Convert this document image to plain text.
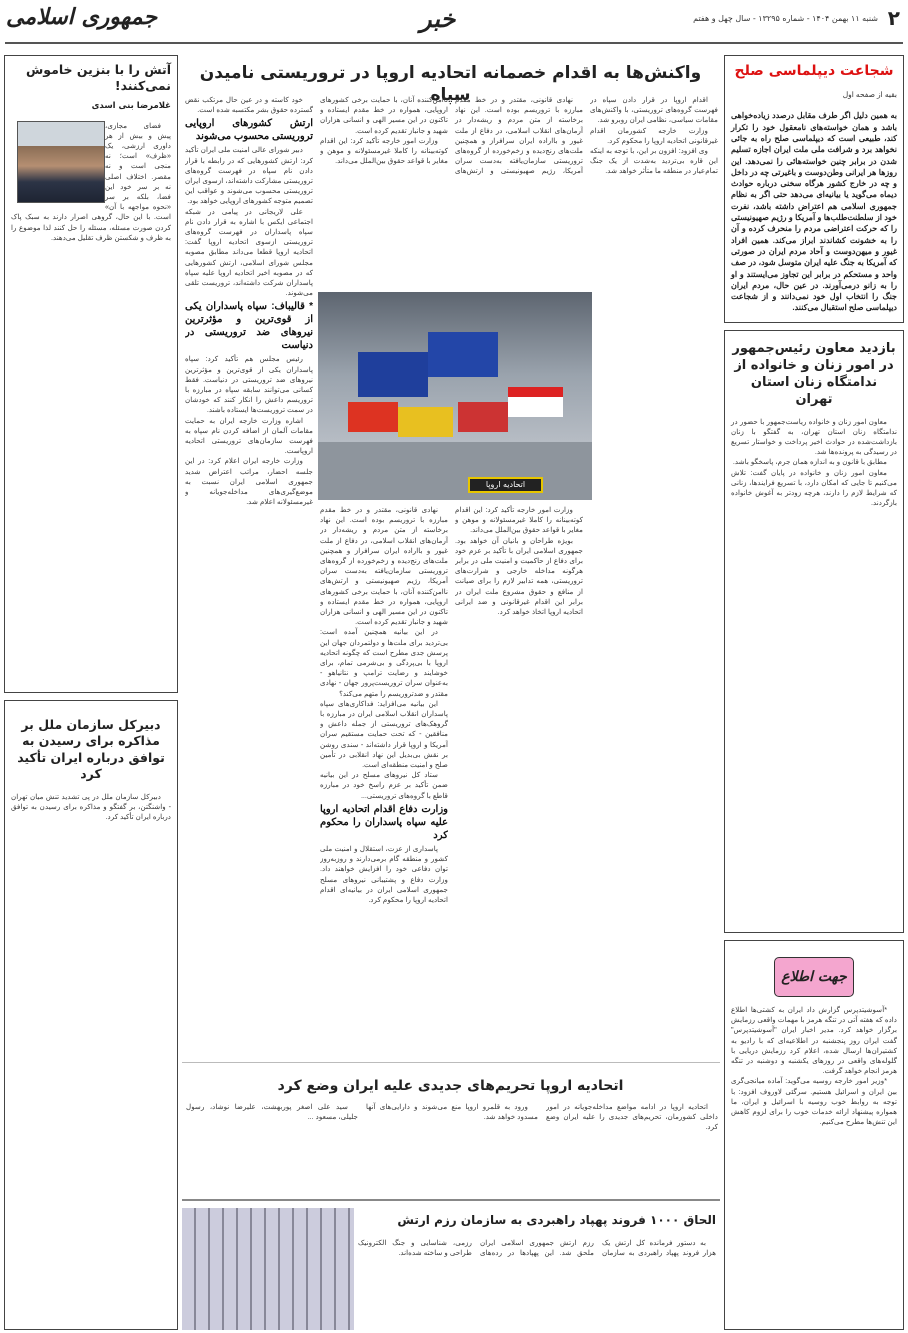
۲
شنبه ۱۱ بهمن ۱۴۰۴ - شماره ۱۳۲۹۵ - سال چهل و هفتم
خبر
جمهوری اسلامی
شجاعت دیپلماسی صلح
بقیه از صفحه اول
به همین دلیل اگر طرف مقابل درصدد زیاده‌خواهی باشد و همان خواسته‌های نامعقول خود را تکرار کند، طبیعی است که دیپلماسی صلح راه به جائی نخواهد برد و شرافت ملی ملت ایران اجازه تسلیم شدن در برابر چنین خواسته‌هائی را نمی‌دهد. این روزها هر ایرانی وطن‌دوست و باغیرتی چه در داخل و چه در خارج کشور هرگاه سخنی درباره حوادث دیماه می‌گوید یا بیانیه‌ای می‌دهد حتی اگر به نظام جمهوری اسلامی هم اعتراض داشته باشد، نفرت خود از سلطنت‌طلب‌ها و آمریکا و رژیم صهیونیستی را که حرکت اعتراضی مردم را منحرف کرده و آن را به خشونت کشاندند ابراز می‌کند. همین افراد غیور و میهن‌دوست و آحاد مردم ایران در صورتی که آمریکا به جنگ علیه ایران متوسل شود، در صف واحد و مستحکم در برابر این تجاوز می‌ایستند و او را به زانو درمی‌آورند. در عین حال، مردم ایران جنگ را انتخاب اول خود نمی‌دانند و از شجاعت دیپلماسی صلح استقبال می‌کنند.
بازدید معاون رئیس‌جمهور در امور زنان و خانواده از ندامتگاه زنان استان تهران

معاون امور زنان و خانواده ریاست‌جمهور با حضور در ندامتگاه زنان استان تهران، به گفتگو با زنان بازداشت‌شده در حوادث اخیر پرداخت و خواستار تسریع در رسیدگی به پرونده‌ها شد.

مطابق با قانون و به اندازه همان جرم، پاسخگو باشد.

معاون امور زنان و خانواده در پایان گفت: تلاش می‌کنیم تا جایی که امکان دارد، با تسریع فرایندها، زنانی که شرایط لازم را دارند، هرچه زودتر به آغوش خانواده بازگردند.

جهت اطلاع

*آسوشیتدپرس گزارش داد ایران به کشتی‌ها اطلاع داده که هفته آتی در تنگه هرمز با مهمات واقعی رزمایش برگزار خواهد کرد. مدیر اخبار ایران "آسوشیتدپرس" گفت ایران روز پنجشنبه در اطلاعیه‌ای که با رادیو به کشتیران‌ها ارسال شده، اعلام کرد رزمایش دریایی با گلوله‌های واقعی در روزهای یکشنبه و دوشنبه در تنگه هرمز انجام خواهد گرفت.

*وزیر امور خارجه روسیه می‌گوید: آماده میانجی‌گری بین ایران و اسرائیل هستیم. سرگئی لاوروف افزود: با توجه به روابط خوب روسیه با اسرائیل و ایران، ما همواره پیشنهاد ارائه خدمات خوب را برای لزوم کاهش این تنش‌ها مطرح می‌کنیم.

آتش را با بنزین خاموش نمی‌کنند!
غلامرضا بنی اسدی

فضای مجازی، پیش و بیش از هر داوری ارزشی، یک «ظرف» است؛ نه منجی است و نه مقصر. اختلاف اصلی نه بر سر خود این فضا، بلکه بر سر «نحوه مواجهه با آن» است. با این حال، گروهی اصرار دارند به سبک پاک کردن صورت مسئله، مسئله را حل کنند لذا موضوع را به ظرف و شکستن ظرف تقلیل می‌دهند.

دبیرکل سازمان ملل بر مذاکره برای رسیدن به توافق درباره ایران تأکید کرد

دبیرکل سازمان ملل در پی تشدید تنش میان تهران - واشنگتن، بر گفتگو و مذاکره برای رسیدن به توافق درباره ایران تأکید کرد.

واکنش‌ها به اقدام خصمانه اتحادیه اروپا در تروریستی نامیدن سپاه	اقدام اروپا در قرار دادن سپاه در فهرست گروه‌های تروریستی، با واکنش‌های مقامات سیاسی، نظامی ایران روبرو شد.

وزارت خارجه کشورمان اقدام غیرقانونی اتحادیه اروپا را محکوم کرد.

وی افزود: افزون بر این، با توجه به اینکه این قاره بی‌تردید به‌شدت از یک جنگ تمام‌عیار در منطقه ما متأثر خواهد شد.

وزارت امور خارجه تأکید کرد: این اقدام کوته‌بینانه را کاملا غیرمسئولانه و موهن و مغایر با قواعد حقوق بین‌الملل می‌داند.

بویژه طراحان و بانیان آن خواهد بود. جمهوری اسلامی ایران با تأکید بر عزم خود برای دفاع از حاکمیت و امنیت ملی در برابر هرگونه مداخله خارجی و شرارت‌های تروریستی، همه تدابیر لازم را برای صیانت از منافع و حقوق مشروع ملت ایران در برابر این اقدام غیرقانونی و ضد ایرانی اتحادیه اروپا اتخاذ خواهد کرد.

نهادی قانونی، مقتدر و در خط مقدم مبارزه با تروریسم بوده است. این نهاد برخاسته از متن مردم و ریشه‌دار در آرمان‌های انقلاب اسلامی، در دفاع از ملت غیور و بااراده ایران سرافراز و همچنین ملت‌های رنج‌دیده و زخم‌خورده از گروه‌های تروریستی سازمان‌یافته به‌دست سران آمریکا، رژیم صهیونیستی و ارتش‌های ناامن‌کننده آنان، با حمایت برخی کشورهای اروپایی، همواره در خط مقدم ایستاده و تاکنون در این مسیر الهی و انسانی هزاران شهید و جانباز تقدیم کرده است.

در این بیانیه همچنین آمده است: بی‌تردید برای ملت‌ها و دولتمردان جهان این پرسش جدی مطرح است که چگونه اتحادیه اروپا با بی‌پردگی و بی‌شرمی تمام، برای خوشایند و رضایت ترامپ و نتانیاهو - به‌عنوان سران تروریست‌پرور جهان - نهادی مقتدر و ضدتروریسم را متهم می‌کند؟

این بیانیه می‌افزاید: فداکاری‌های سپاه پاسداران انقلاب اسلامی ایران در مبارزه با گروهک‌های تروریستی از جمله داعش و منافقین - که تحت حمایت مستقیم سران آمریکا و اروپا قرار داشته‌اند - سندی روشن بر نقش بی‌بدیل این نهاد انقلابی در تأمین صلح و امنیت منطقه‌ای است.

ستاد کل نیروهای مسلح در این بیانیه ضمن تأکید بر عزم راسخ خود در مبارزه قاطع با گروه‌های تروریستی...

وزارت دفاع اقدام اتحادیه اروپا علیه سپاه پاسداران را محکوم کرد

پاسداری از عزت، استقلال و امنیت ملی کشور و منطقه گام برمی‌دارند و روزبه‌روز توان دفاعی خود را افزایش خواهند داد. وزارت دفاع و پشتیبانی نیروهای مسلح جمهوری اسلامی ایران در بیانیه‌ای اقدام اتحادیه اروپا را محکوم کرد.

خود کاسته و در عین حال مرتکب نقض گسترده حقوق بشر مکتسبه شده است.

ارتش کشورهای اروپایی تروریستی محسوب می‌شوند

دبیر شورای عالی امنیت ملی ایران تأکید کرد: ارتش کشورهایی که در رابطه با قرار دادن نام سپاه در فهرست گروه‌های تروریستی مشارکت داشته‌اند، ازسوی ایران تروریستی محسوب می‌شوند و عواقب این تصمیم متوجه کشورهای اروپایی خواهد بود.

علی لاریجانی در پیامی در شبکه اجتماعی ایکس با اشاره به قرار دادن نام سپاه پاسداران در فهرست گروه‌های تروریستی ازسوی اتحادیه اروپا گفت: اتحادیه اروپا قطعا می‌داند مطابق مصوبه مجلس شورای اسلامی، ارتش کشورهایی که در مصوبه اخیر اتحادیه اروپا علیه سپاه پاسداران شرکت داشته‌اند، تروریست تلقی می‌شوند.

* قالیباف: سپاه پاسداران یکی از قوی‌ترین و مؤثرترین نیروهای ضد تروریستی در دنیاست

رئیس مجلس هم تأکید کرد: سپاه پاسداران یکی از قوی‌ترین و مؤثرترین نیروهای ضد تروریستی در دنیاست. فقط کسانی می‌توانند سابقه سپاه در مبارزه با تروریسم داعش را انکار کنند که خودشان در سمت تروریست‌ها ایستاده باشند.

اشاره وزارت خارجه ایران به حمایت مقامات آلمان از اضافه کردن نام سپاه به فهرست سازمان‌های تروریستی اتحادیه اروپاست.

وزارت خارجه ایران اعلام کرد: در این جلسه احضار، مراتب اعتراض شدید جمهوری اسلامی ایران نسبت به موضع‌گیری‌های مداخله‌جویانه و غیرمسئولانه اعلام شد.

نهادی قانونی، مقتدر و در خط مقدم مبارزه با تروریسم بوده است. این نهاد برخاسته از متن مردم و ریشه‌دار در آرمان‌های انقلاب اسلامی، در دفاع از ملت غیور و بااراده ایران سرافراز و همچنین ملت‌های رنج‌دیده و زخم‌خورده از گروه‌های تروریستی سازمان‌یافته به‌دست سران آمریکا، رژیم صهیونیستی و ارتش‌های ناامن‌کننده آنان، با حمایت برخی کشورهای اروپایی، همواره در خط مقدم ایستاده و تاکنون در این مسیر الهی و انسانی هزاران شهید و جانباز تقدیم کرده است.

وزارت امور خارجه تأکید کرد: این اقدام کوته‌بینانه را کاملا غیرمسئولانه و موهن و مغایر با قواعد حقوق بین‌الملل می‌داند.

اتحادیه اروپا
اتحادیه اروپا تحریم‌های جدیدی علیه ایران وضع کرد

اتحادیه اروپا در ادامه مواضع مداخله‌جویانه در امور داخلی کشورمان، تحریم‌های جدیدی را علیه ایران وضع کرد.

ورود به قلمرو اروپا منع می‌شوند و دارایی‌های آنها مسدود خواهد شد.

سید علی اصغر پوربهشت، علیرضا نوشاد، رسول جلیلی، مسعود ...

الحاق ۱۰۰۰ فروند پهپاد راهبردی به سازمان رزم ارتش

به دستور فرمانده کل ارتش یک هزار فروند پهپاد راهبردی به سازمان رزم ارتش جمهوری اسلامی ایران ملحق شد. این پهپادها در رده‌های رزمی، شناسایی و جنگ الکترونیک طراحی و ساخته شده‌اند.
